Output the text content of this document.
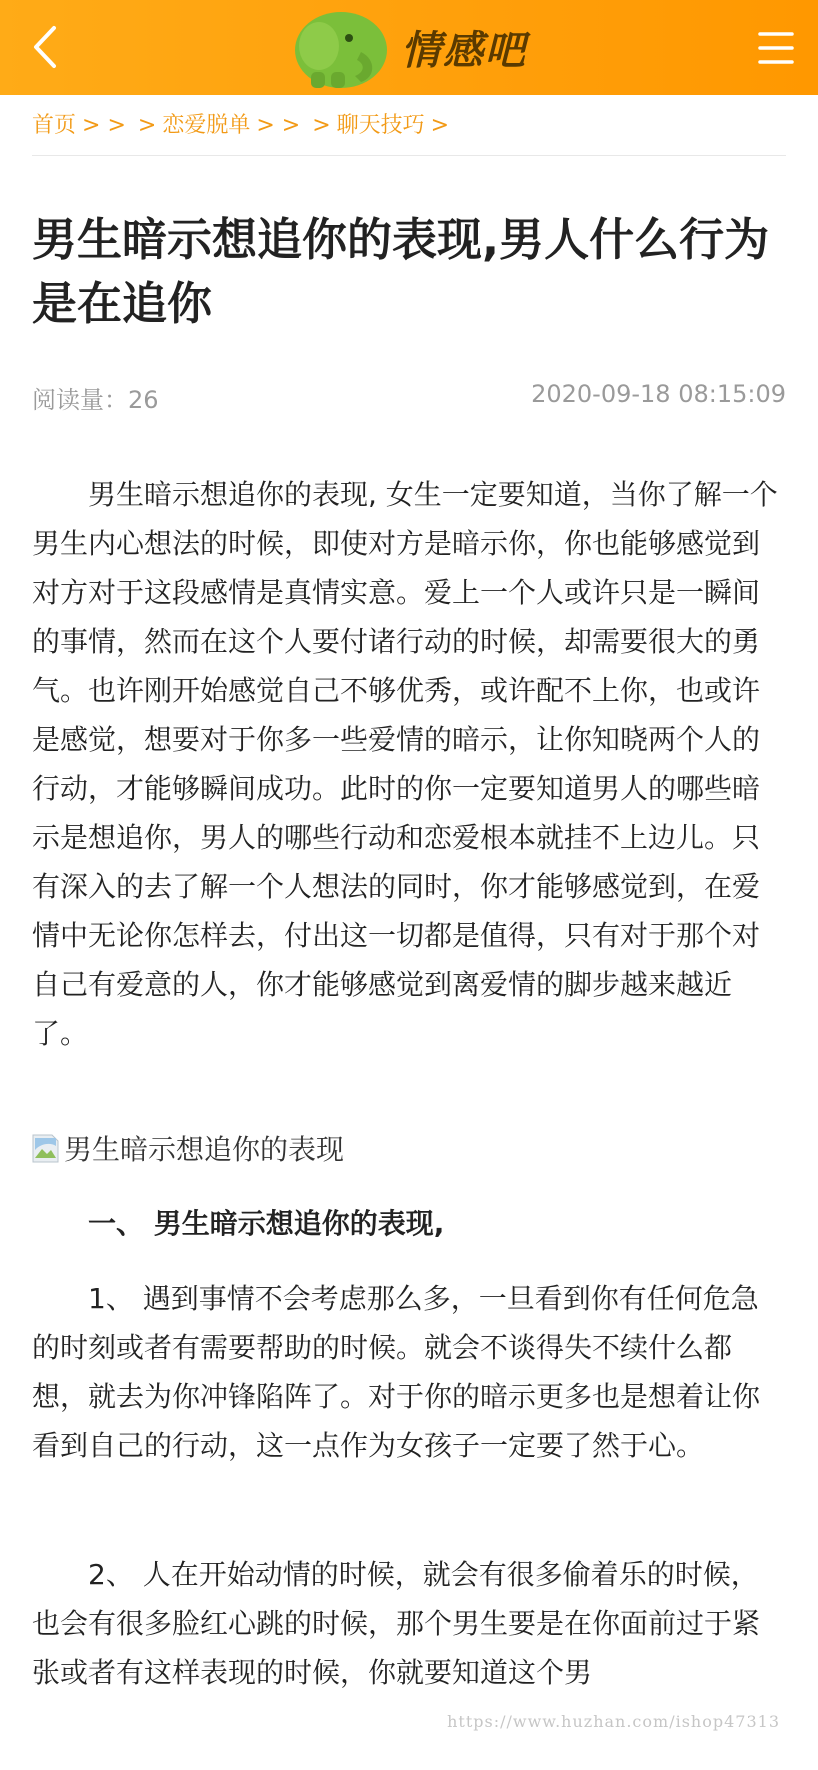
情感吧
首页 > > > 恋爱脱单 > > > 聊天技巧 >
男生暗示想追你的表现,男人什么行为是在追你
阅读量：26	2020-09-18 08:15:09

男生暗示想追你的表现, 女生一定要知道，当你了解一个男生内心想法的时候，即使对方是暗示你，你也能够感觉到对方对于这段感情是真情实意。爱上一个人或许只是一瞬间的事情，然而在这个人要付诸行动的时候，却需要很大的勇气。也许刚开始感觉自己不够优秀，或许配不上你，也或许是感觉，想要对于你多一些爱情的暗示，让你知晓两个人的行动，才能够瞬间成功。此时的你一定要知道男人的哪些暗示是想追你，男人的哪些行动和恋爱根本就挂不上边儿。只有深入的去了解一个人想法的同时，你才能够感觉到，在爱情中无论你怎样去，付出这一切都是值得，只有对于那个对自己有爱意的人，你才能够感觉到离爱情的脚步越来越近了。

男生暗示想追你的表现

一、 男生暗示想追你的表现,

1、 遇到事情不会考虑那么多，一旦看到你有任何危急的时刻或者有需要帮助的时候。就会不谈得失不续什么都想，就去为你冲锋陷阵了。对于你的暗示更多也是想着让你看到自己的行动，这一点作为女孩子一定要了然于心。

2、 人在开始动情的时候，就会有很多偷着乐的时候，也会有很多脸红心跳的时候，那个男生要是在你面前过于紧张或者有这样表现的时候，你就要知道这个男

https://www.huzhan.com/ishop47313
